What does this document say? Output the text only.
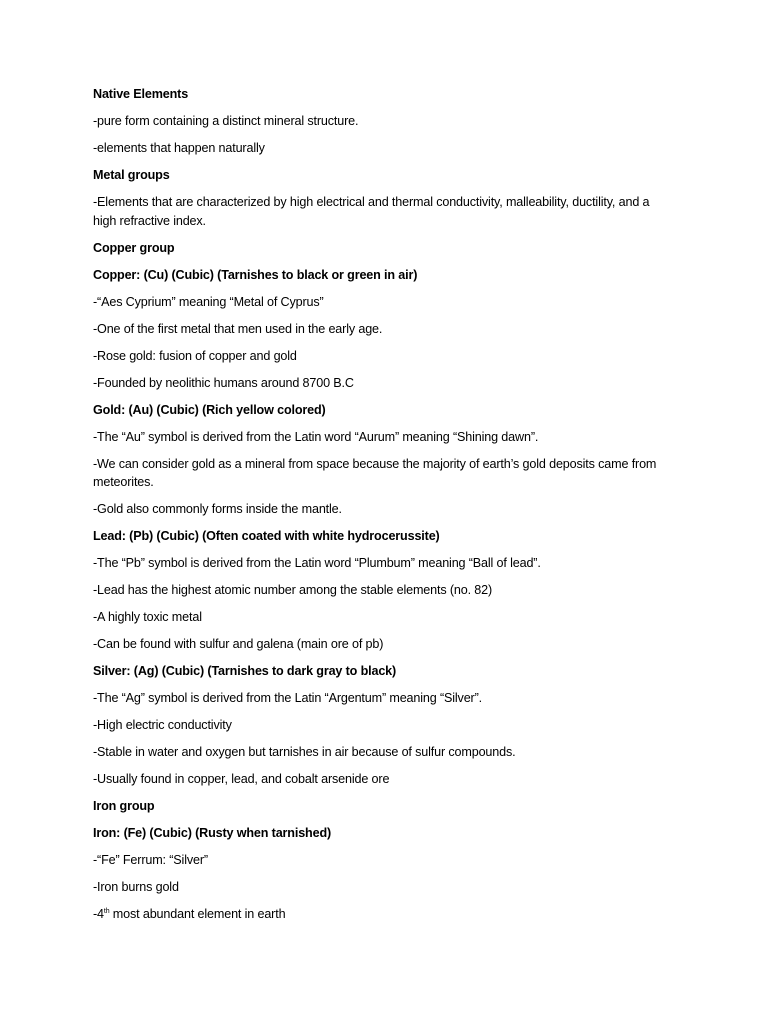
Native Elements

-pure form containing a distinct mineral structure.

-elements that happen naturally

Metal groups

-Elements that are characterized by high electrical and thermal conductivity, malleability, ductility, and a high refractive index.

Copper group

Copper: (Cu) (Cubic) (Tarnishes to black or green in air)

-“Aes Cyprium” meaning “Metal of Cyprus”

-One of the first metal that men used in the early age.

-Rose gold: fusion of copper and gold

-Founded by neolithic humans around 8700 B.C

Gold: (Au) (Cubic) (Rich yellow colored)

-The “Au” symbol is derived from the Latin word “Aurum” meaning “Shining dawn”.

-We can consider gold as a mineral from space because the majority of earth’s gold deposits came from meteorites.

-Gold also commonly forms inside the mantle.

Lead: (Pb) (Cubic) (Often coated with white hydrocerussite)

-The “Pb” symbol is derived from the Latin word “Plumbum” meaning “Ball of lead”.

-Lead has the highest atomic number among the stable elements (no. 82)

-A highly toxic metal

-Can be found with sulfur and galena (main ore of pb)

Silver: (Ag) (Cubic) (Tarnishes to dark gray to black)

-The “Ag” symbol is derived from the Latin “Argentum” meaning “Silver”.

-High electric conductivity

-Stable in water and oxygen but tarnishes in air because of sulfur compounds.

-Usually found in copper, lead, and cobalt arsenide ore

Iron group

Iron: (Fe) (Cubic) (Rusty when tarnished)

-“Fe” Ferrum: “Silver”

-Iron burns gold

-4th most abundant element in earth
